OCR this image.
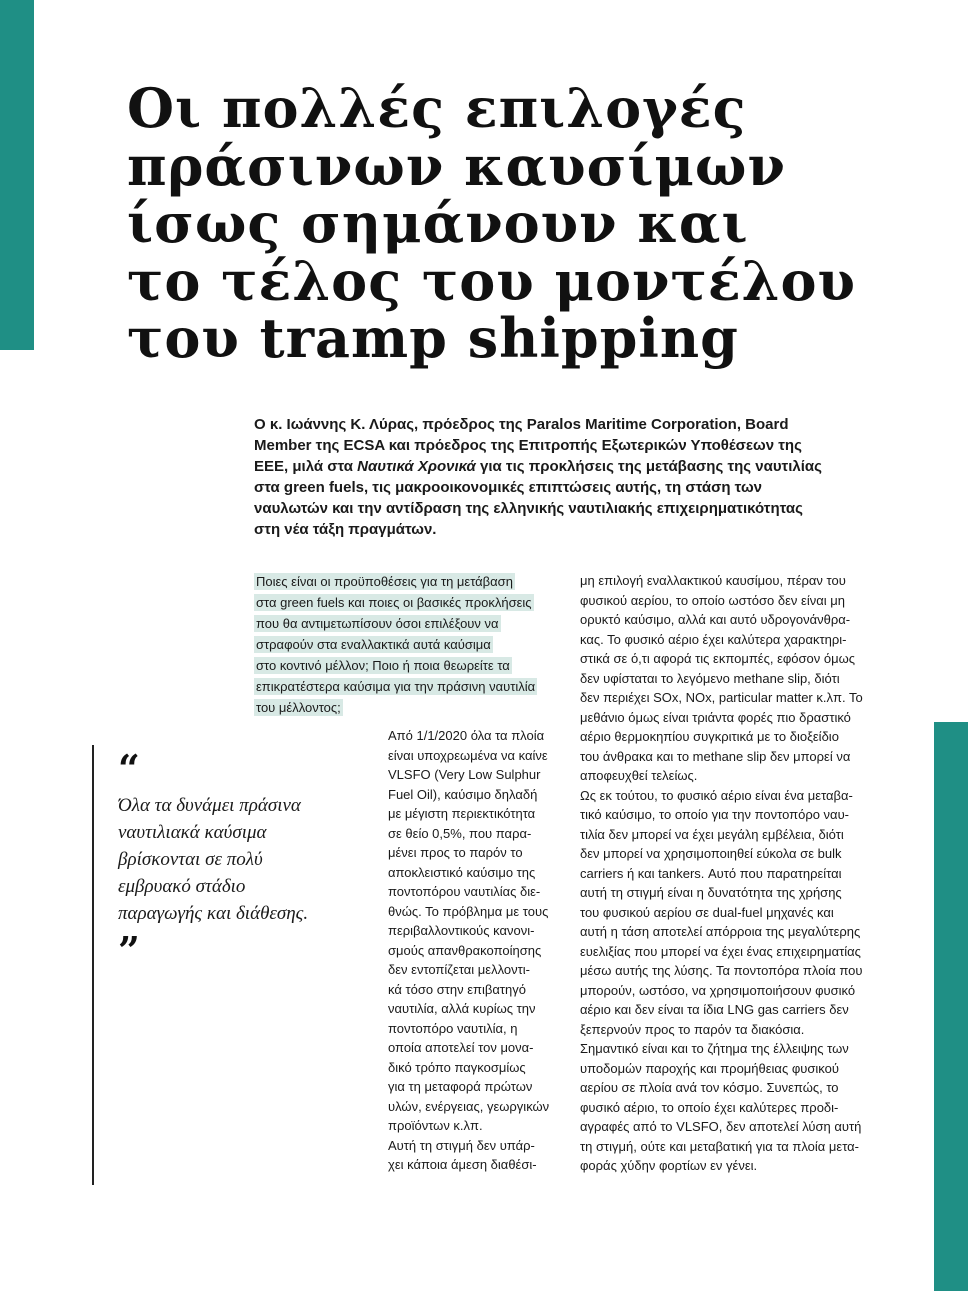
Οι πολλές επιλογές
πράσινων καυσίμων
ίσως σημάνουν και
το τέλος του μοντέλου
του tramp shipping

Ο κ. Ιωάννης Κ. Λύρας, πρόεδρος της Paralos Maritime Corporation, Board
Member της ECSA και πρόεδρος της Επιτροπής Εξωτερικών Υποθέσεων της
ΕΕΕ, μιλά στα Ναυτικά Χρονικά για τις προκλήσεις της μετάβασης της ναυτιλίας
στα green fuels, τις μακροοικονομικές επιπτώσεις αυτής, τη στάση των
ναυλωτών και την αντίδραση της ελληνικής ναυτιλιακής επιχειρηματικότητας
στη νέα τάξη πραγμάτων.

Ποιες είναι οι προϋποθέσεις για τη μετάβαση
στα green fuels και ποιες οι βασικές προκλήσεις
που θα αντιμετωπίσουν όσοι επιλέξουν να
στραφούν στα εναλλακτικά αυτά καύσιμα
στο κοντινό μέλλον; Ποιο ή ποια θεωρείτε τα
επικρατέστερα καύσιμα για την πράσινη ναυτιλία
του μέλλοντος;

“

Όλα τα δυνάμει πράσινα
ναυτιλιακά καύσιμα
βρίσκονται σε πολύ
εμβρυακό στάδιο
παραγωγής και διάθεσης.

”

Από 1/1/2020 όλα τα πλοία
είναι υποχρεωμένα να καίνε
VLSFO (Very Low Sulphur
Fuel Oil), καύσιμο δηλαδή
με μέγιστη περιεκτικότητα
σε θείο 0,5%, που παρα-
μένει προς το παρόν το
αποκλειστικό καύσιμο της
ποντοπόρου ναυτιλίας διε-
θνώς. Το πρόβλημα με τους
περιβαλλοντικούς κανονι-
σμούς απανθρακοποίησης
δεν εντοπίζεται μελλοντι-
κά τόσο στην επιβατηγό
ναυτιλία, αλλά κυρίως την
ποντοπόρο ναυτιλία, η
οποία αποτελεί τον μονα-
δικό τρόπο παγκοσμίως
για τη μεταφορά πρώτων
υλών, ενέργειας, γεωργικών
προϊόντων κ.λπ.
Αυτή τη στιγμή δεν υπάρ-
χει κάποια άμεση διαθέσι-

μη επιλογή εναλλακτικού καυσίμου, πέραν του
φυσικού αερίου, το οποίο ωστόσο δεν είναι μη
ορυκτό καύσιμο, αλλά και αυτό υδρογονάνθρα-
κας. Το φυσικό αέριο έχει καλύτερα χαρακτηρι-
στικά σε ό,τι αφορά τις εκπομπές, εφόσον όμως
δεν υφίσταται το λεγόμενο methane slip, διότι
δεν περιέχει SOx, NOx, particular matter κ.λπ. Το
μεθάνιο όμως είναι τριάντα φορές πιο δραστικό
αέριο θερμοκηπίου συγκριτικά με το διοξείδιο
του άνθρακα και το methane slip δεν μπορεί να
αποφευχθεί τελείως.
Ως εκ τούτου, το φυσικό αέριο είναι ένα μεταβα-
τικό καύσιμο, το οποίο για την ποντοπόρο ναυ-
τιλία δεν μπορεί να έχει μεγάλη εμβέλεια, διότι
δεν μπορεί να χρησιμοποιηθεί εύκολα σε bulk
carriers ή και tankers. Αυτό που παρατηρείται
αυτή τη στιγμή είναι η δυνατότητα της χρήσης
του φυσικού αερίου σε dual-fuel μηχανές και
αυτή η τάση αποτελεί απόρροια της μεγαλύτερης
ευελιξίας που μπορεί να έχει ένας επιχειρηματίας
μέσω αυτής της λύσης. Τα ποντοπόρα πλοία που
μπορούν, ωστόσο, να χρησιμοποιήσουν φυσικό
αέριο και δεν είναι τα ίδια LNG gas carriers δεν
ξεπερνούν προς το παρόν τα διακόσια.
Σημαντικό είναι και το ζήτημα της έλλειψης των
υποδομών παροχής και προμήθειας φυσικού
αερίου σε πλοία ανά τον κόσμο. Συνεπώς, το
φυσικό αέριο, το οποίο έχει καλύτερες προδι-
αγραφές από το VLSFO, δεν αποτελεί λύση αυτή
τη στιγμή, ούτε και μεταβατική για τα πλοία μετα-
φοράς χύδην φορτίων εν γένει.
